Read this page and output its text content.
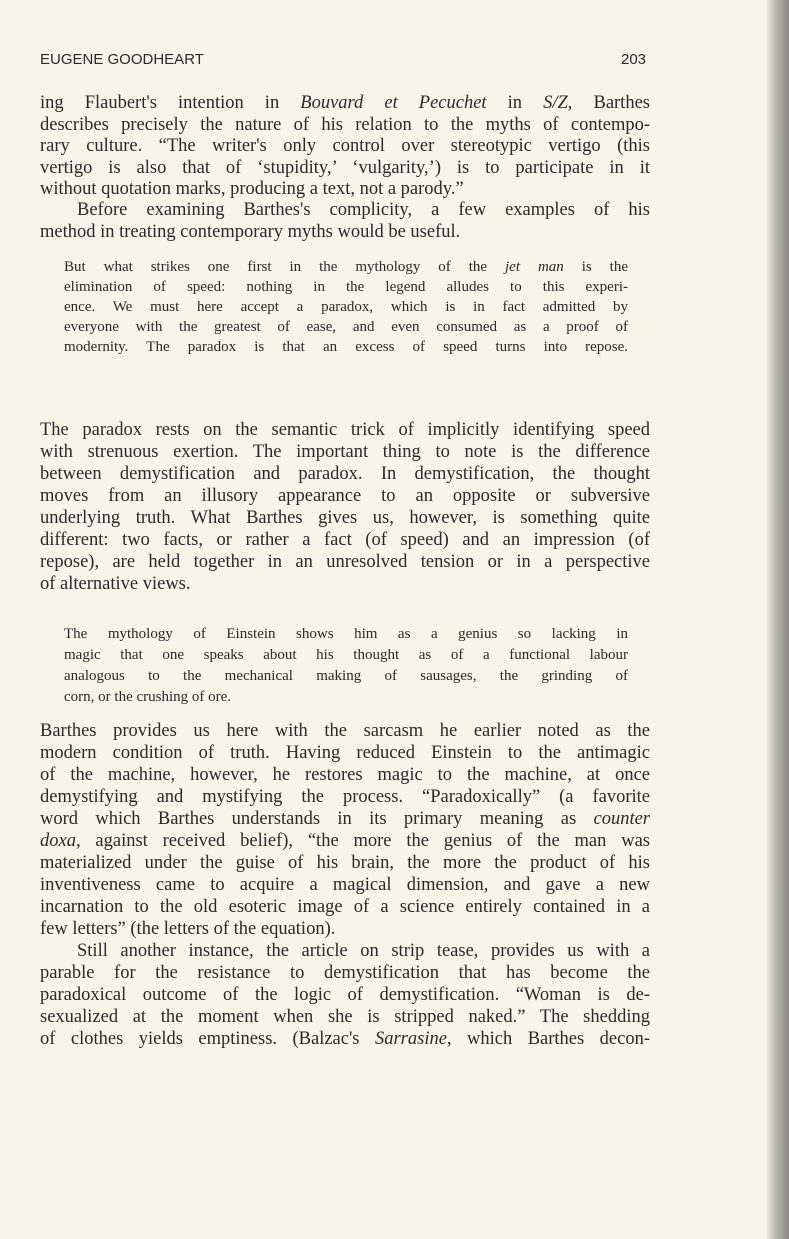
EUGENE GOODHEART	203
ing Flaubert's intention in Bouvard et Pecuchet in S/Z, Barthes
describes precisely the nature of his relation to the myths of contempo-
rary culture. “The writer's only control over stereotypic vertigo (this
vertigo is also that of ‘stupidity,’ ‘vulgarity,’) is to participate in it
without quotation marks, producing a text, not a parody.”
Before examining Barthes's complicity, a few examples of his
method in treating contemporary myths would be useful.
But what strikes one first in the mythology of the jet man is the
elimination of speed: nothing in the legend alludes to this experi-
ence. We must here accept a paradox, which is in fact admitted by
everyone with the greatest of ease, and even consumed as a proof of
modernity. The paradox is that an excess of speed turns into repose.
The paradox rests on the semantic trick of implicitly identifying speed
with strenuous exertion. The important thing to note is the difference
between demystification and paradox. In demystification, the thought
moves from an illusory appearance to an opposite or subversive
underlying truth. What Barthes gives us, however, is something quite
different: two facts, or rather a fact (of speed) and an impression (of
repose), are held together in an unresolved tension or in a perspective
of alternative views.
The mythology of Einstein shows him as a genius so lacking in
magic that one speaks about his thought as of a functional labour
analogous to the mechanical making of sausages, the grinding of
corn, or the crushing of ore.
Barthes provides us here with the sarcasm he earlier noted as the
modern condition of truth. Having reduced Einstein to the antimagic
of the machine, however, he restores magic to the machine, at once
demystifying and mystifying the process. “Paradoxically” (a favorite
word which Barthes understands in its primary meaning as counter
doxa, against received belief), “the more the genius of the man was
materialized under the guise of his brain, the more the product of his
inventiveness came to acquire a magical dimension, and gave a new
incarnation to the old esoteric image of a science entirely contained in a
few letters” (the letters of the equation).
Still another instance, the article on strip tease, provides us with a
parable for the resistance to demystification that has become the
paradoxical outcome of the logic of demystification. “Woman is de-
sexualized at the moment when she is stripped naked.” The shedding
of clothes yields emptiness. (Balzac's Sarrasine, which Barthes decon-
